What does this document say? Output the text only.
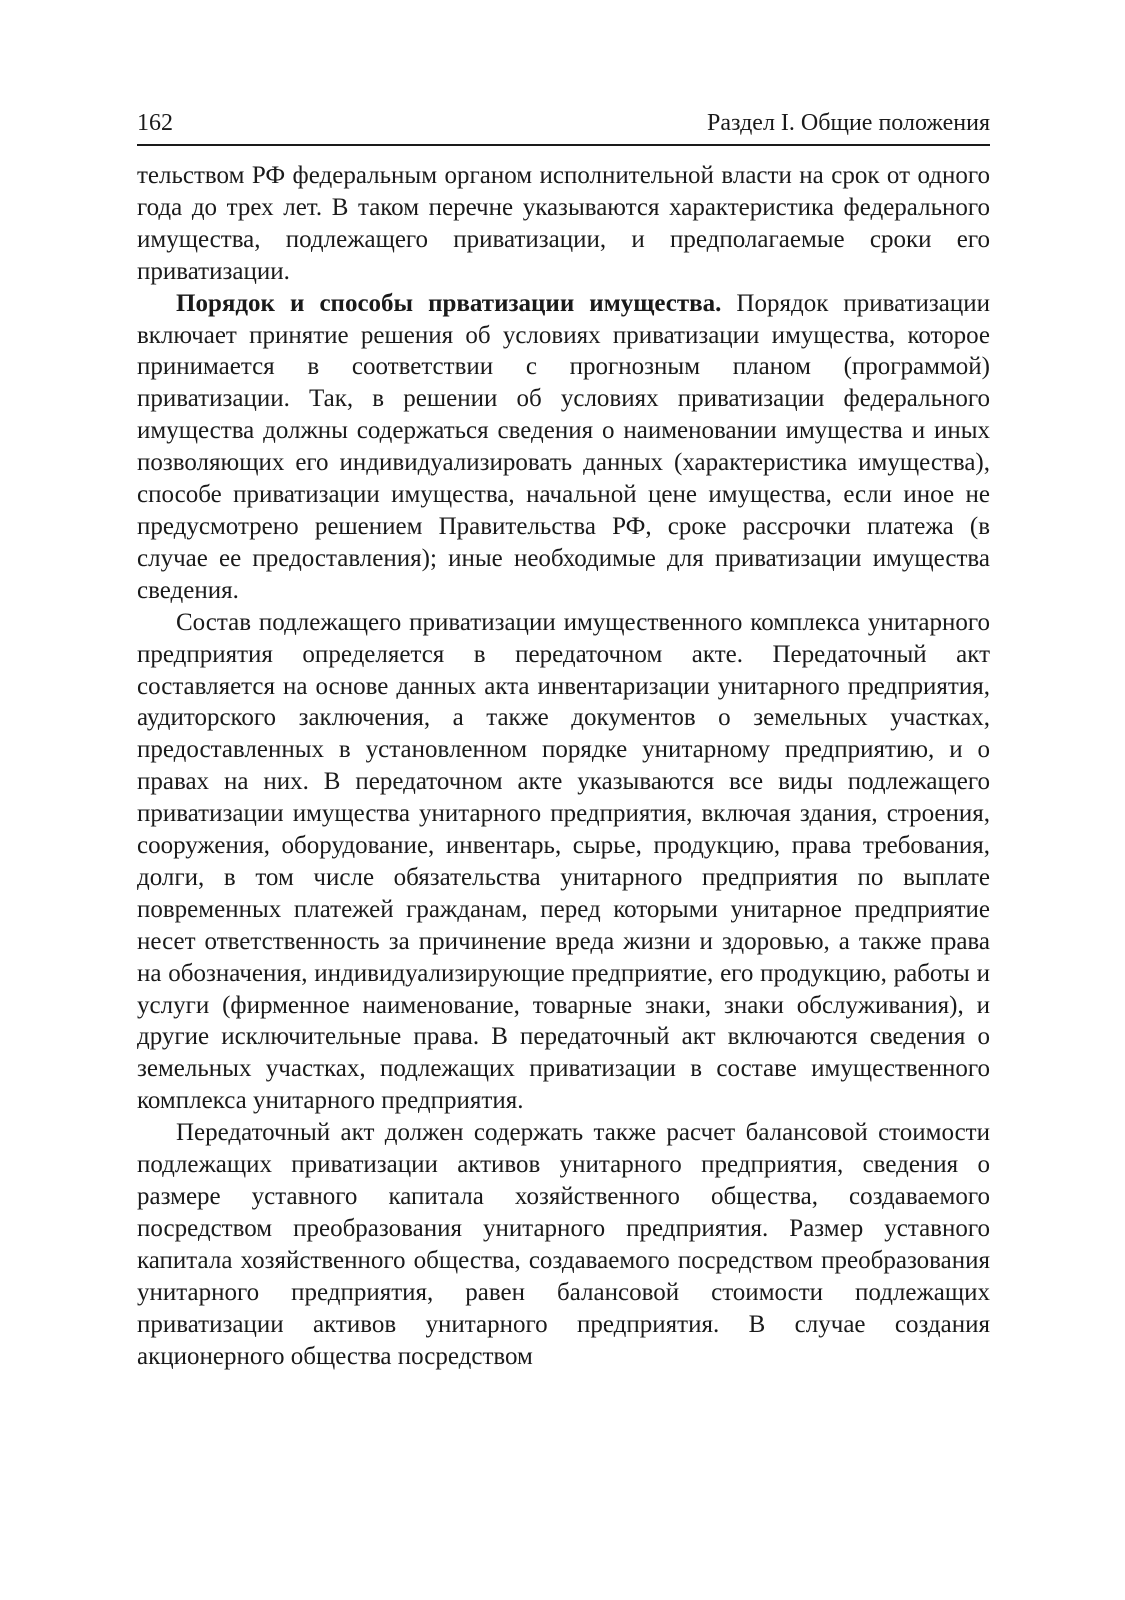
162	Раздел I. Общие положения

тельством РФ федеральным органом исполнительной власти на срок от одного года до трех лет. В таком перечне указываются характеристика федерального имущества, подлежащего приватизации, и предполагаемые сроки его приватизации.

Порядок и способы прватизации имущества. Порядок приватизации включает принятие решения об условиях приватизации имущества, которое принимается в соответствии с прогнозным планом (программой) приватизации. Так, в решении об условиях приватизации федерального имущества должны содержаться сведения о наименовании имущества и иных позволяющих его индивидуализировать данных (характеристика имущества), способе приватизации имущества, начальной цене имущества, если иное не предусмотрено решением Правительства РФ, сроке рассрочки платежа (в случае ее предоставления); иные необходимые для приватизации имущества сведения.

Состав подлежащего приватизации имущественного комплекса унитарного предприятия определяется в передаточном акте. Передаточный акт составляется на основе данных акта инвентаризации унитарного предприятия, аудиторского заключения, а также документов о земельных участках, предоставленных в установленном порядке унитарному предприятию, и о правах на них. В передаточном акте указываются все виды подлежащего приватизации имущества унитарного предприятия, включая здания, строения, сооружения, оборудование, инвентарь, сырье, продукцию, права требования, долги, в том числе обязательства унитарного предприятия по выплате повременных платежей гражданам, перед которыми унитарное предприятие несет ответственность за причинение вреда жизни и здоровью, а также права на обозначения, индивидуализирующие предприятие, его продукцию, работы и услуги (фирменное наименование, товарные знаки, знаки обслуживания), и другие исключительные права. В передаточный акт включаются сведения о земельных участках, подлежащих приватизации в составе имущественного комплекса унитарного предприятия.

Передаточный акт должен содержать также расчет балансовой стоимости подлежащих приватизации активов унитарного предприятия, сведения о размере уставного капитала хозяйственного общества, создаваемого посредством преобразования унитарного предприятия. Размер уставного капитала хозяйственного общества, создаваемого посредством преобразования унитарного предприятия, равен балансовой стоимости подлежащих приватизации активов унитарного предприятия. В случае создания акционерного общества посредством
